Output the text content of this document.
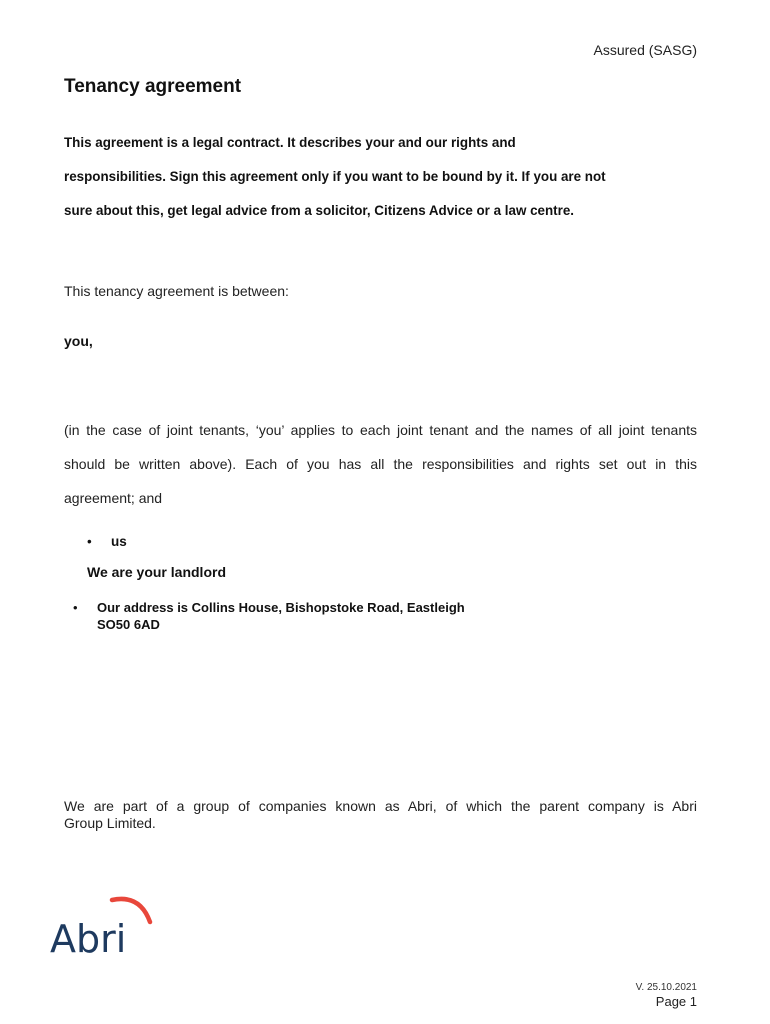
Assured (SASG)
Tenancy agreement
This agreement is a legal contract. It describes your and our rights and
responsibilities. Sign this agreement only if you want to be bound by it. If you are not
sure about this, get legal advice from a solicitor, Citizens Advice or a law centre.
This tenancy agreement is between:
you,
(in the case of joint tenants, ‘you’ applies to each joint tenant and the names of all joint tenants
should be written above). Each of you has all the responsibilities and rights set out in this
agreement; and
• us
We are your landlord
•	Our address is Collins House, Bishopstoke Road, Eastleigh
SO50 6AD
We are part of a group of companies known as Abri, of which the parent company is Abri
Group Limited.
Abri
V. 25.10.2021
Page 1
